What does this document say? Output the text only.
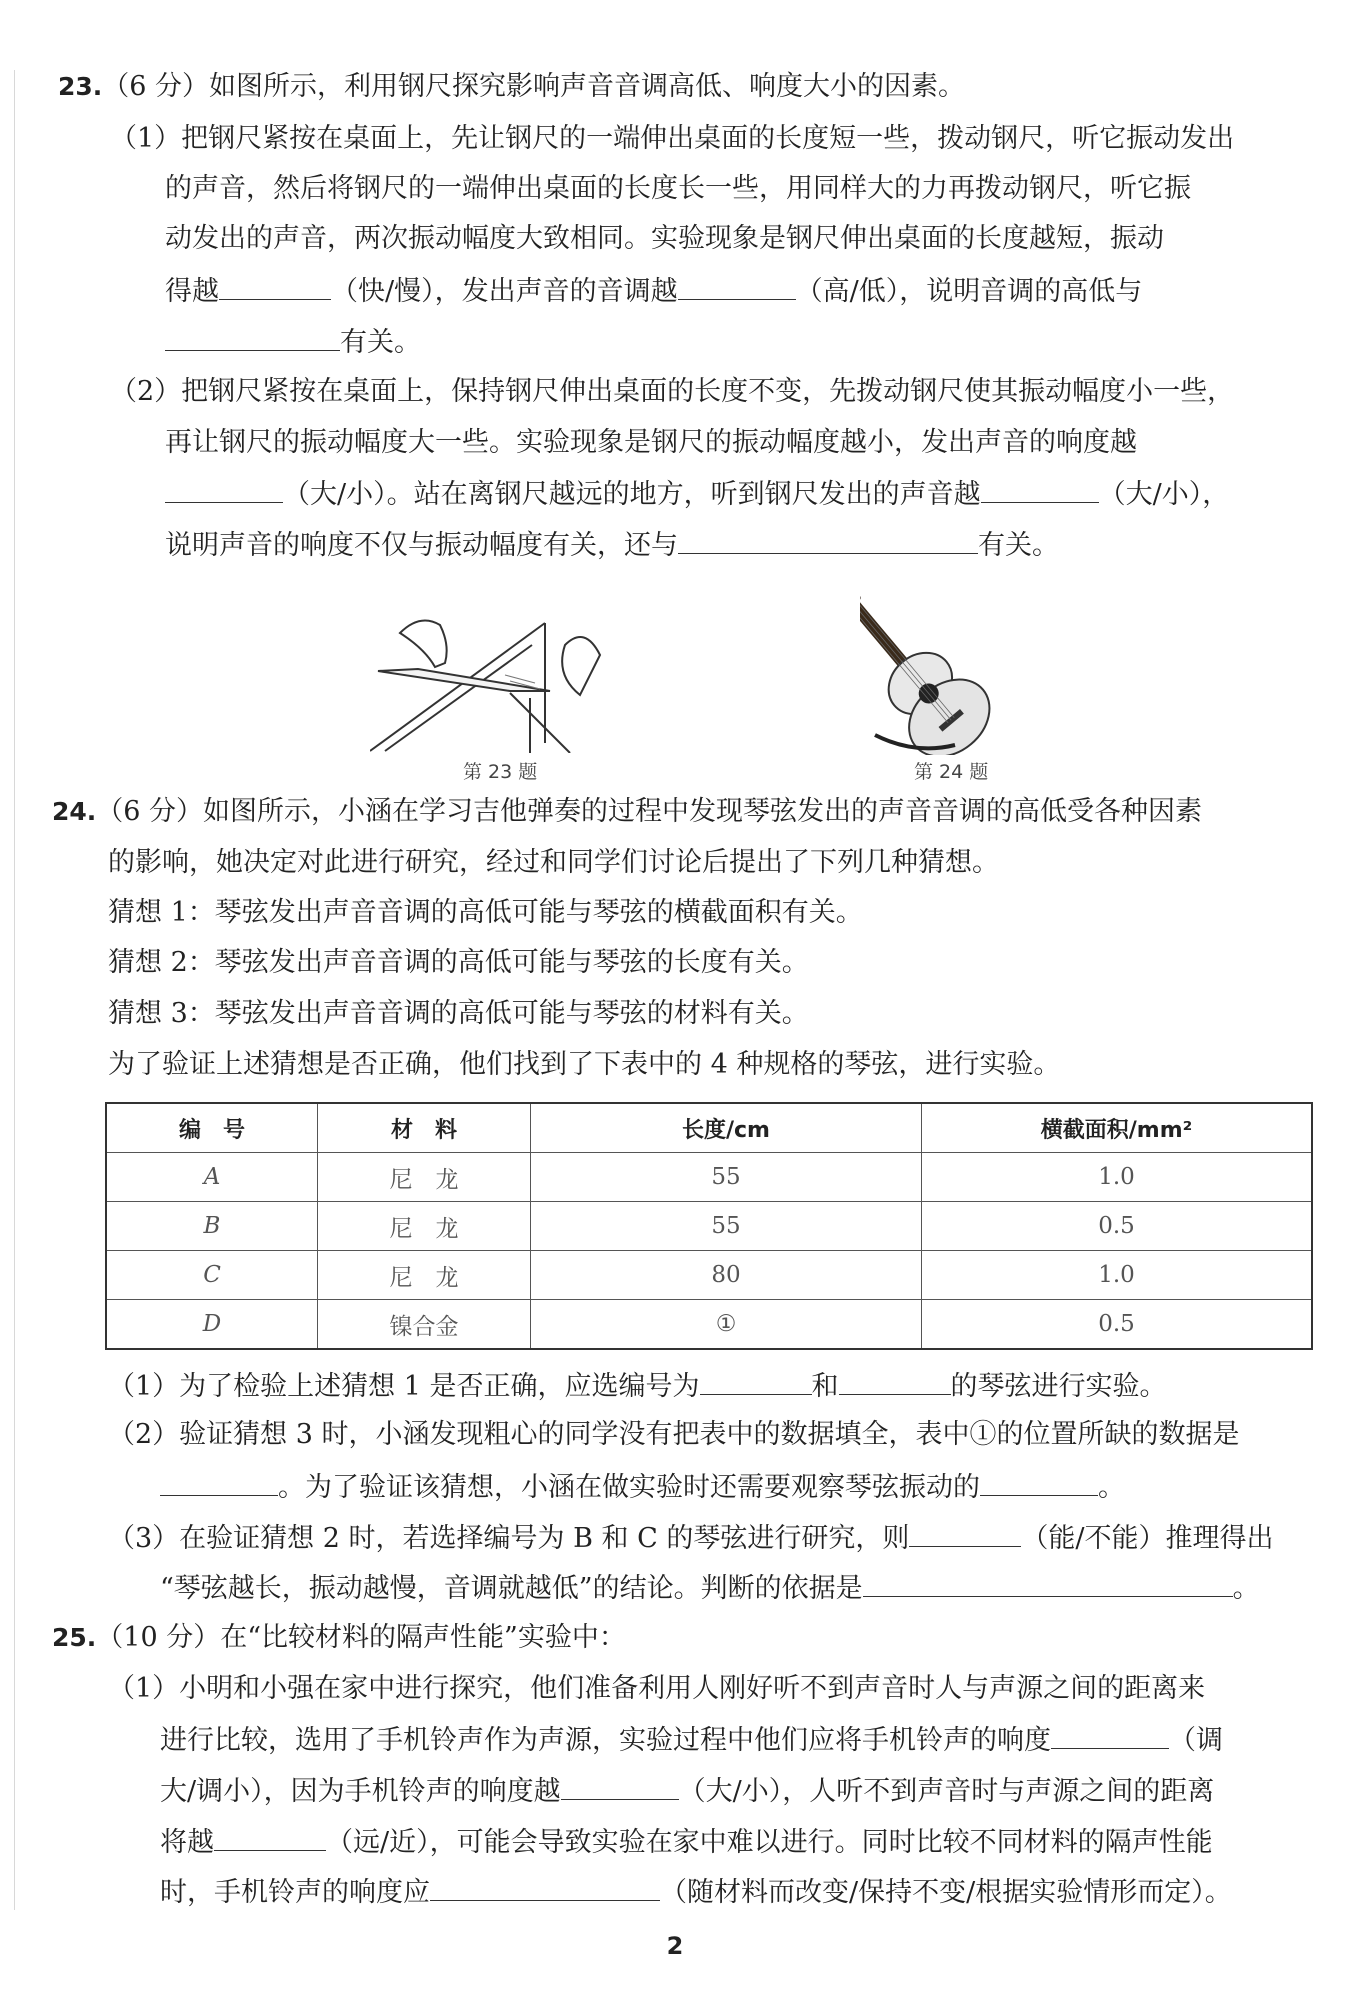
23.（6 分）如图所示，利用钢尺探究影响声音音调高低、响度大小的因素。
（1）把钢尺紧按在桌面上，先让钢尺的一端伸出桌面的长度短一些，拨动钢尺，听它振动发出
的声音，然后将钢尺的一端伸出桌面的长度长一些，用同样大的力再拨动钢尺，听它振
动发出的声音，两次振动幅度大致相同。实验现象是钢尺伸出桌面的长度越短，振动
得越	（快/慢），发出声音的音调越	（高/低），说明音调的高低与
有关。
（2）把钢尺紧按在桌面上，保持钢尺伸出桌面的长度不变，先拨动钢尺使其振动幅度小一些，
再让钢尺的振动幅度大一些。实验现象是钢尺的振动幅度越小，发出声音的响度越
（大/小）。站在离钢尺越远的地方，听到钢尺发出的声音越	（大/小），
说明声音的响度不仅与振动幅度有关，还与	有关。
第 23 题	第 24 题
24.（6 分）如图所示，小涵在学习吉他弹奏的过程中发现琴弦发出的声音音调的高低受各种因素
的影响，她决定对此进行研究，经过和同学们讨论后提出了下列几种猜想。
猜想 1：琴弦发出声音音调的高低可能与琴弦的横截面积有关。
猜想 2：琴弦发出声音音调的高低可能与琴弦的长度有关。
猜想 3：琴弦发出声音音调的高低可能与琴弦的材料有关。
为了验证上述猜想是否正确，他们找到了下表中的 4 种规格的琴弦，进行实验。
编　号	材　料	长度/cm	横截面积/mm²
A	尼　龙	55	1.0
B	尼　龙	55	0.5
C	尼　龙	80	1.0
D	镍合金	①	0.5
（1）为了检验上述猜想 1 是否正确，应选编号为	和	的琴弦进行实验。
（2）验证猜想 3 时，小涵发现粗心的同学没有把表中的数据填全，表中①的位置所缺的数据是
。为了验证该猜想，小涵在做实验时还需要观察琴弦振动的	。
（3）在验证猜想 2 时，若选择编号为 B 和 C 的琴弦进行研究，则	（能/不能）推理得出
“琴弦越长，振动越慢，音调就越低”的结论。判断的依据是	。
25.（10 分）在“比较材料的隔声性能”实验中：
（1）小明和小强在家中进行探究，他们准备利用人刚好听不到声音时人与声源之间的距离来
进行比较，选用了手机铃声作为声源，实验过程中他们应将手机铃声的响度	（调
大/调小），因为手机铃声的响度越	（大/小），人听不到声音时与声源之间的距离
将越	（远/近），可能会导致实验在家中难以进行。同时比较不同材料的隔声性能
时，手机铃声的响度应	（随材料而改变/保持不变/根据实验情形而定）。
2
